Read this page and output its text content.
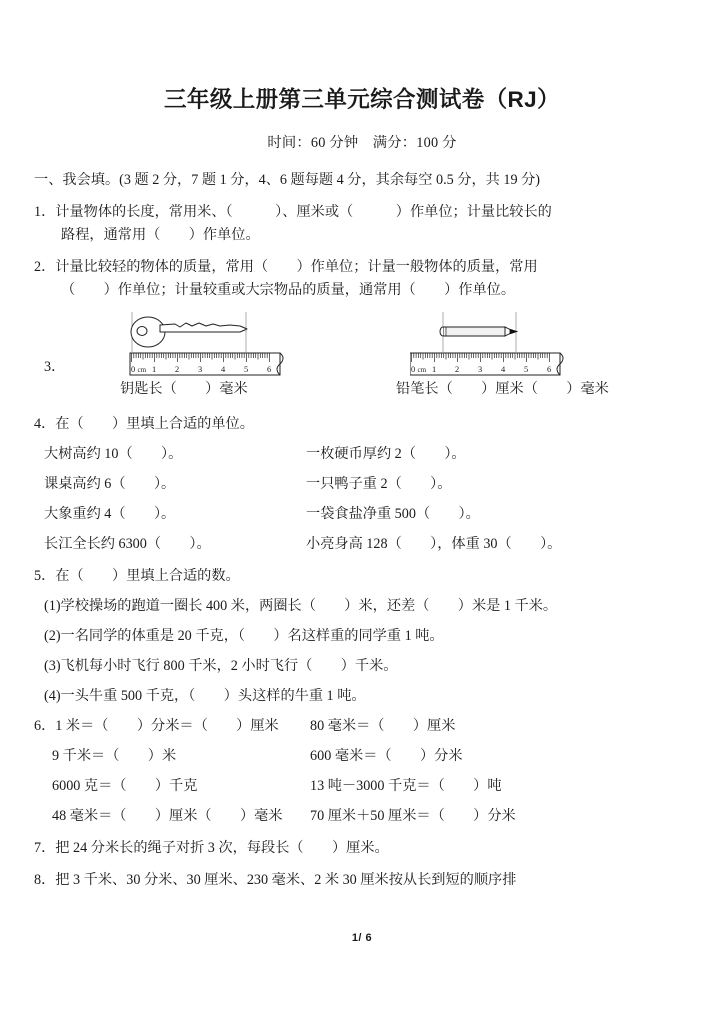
三年级上册第三单元综合测试卷（RJ）

时间：60 分钟　满分：100 分

一、我会填。(3 题 2 分，7 题 1 分，4、6 题每题 4 分，其余每空 0.5 分，共 19 分)

1．计量物体的长度，常用米、（　　　）、厘米或（　　　）作单位；计量比较长的

路程，通常用（　　）作单位。

2．计量比较轻的物体的质量，常用（　　）作单位；计量一般物体的质量，常用

（　　）作单位；计量较重或大宗物品的质量，通常用（　　）作单位。

0 cm 1 2 3 4 5 6	0 cm 1 2 3 4 5 6
3．
钥匙长（　　）毫米	铅笔长（　　）厘米（　　）毫米

4．在（　　）里填上合适的单位。

大树高约 10（　　）。	一枚硬币厚约 2（　　）。
课桌高约 6（　　）。	一只鸭子重 2（　　）。
大象重约 4（　　）。	一袋食盐净重 500（　　）。
长江全长约 6300（　　）。	小亮身高 128（　　），体重 30（　　）。

5．在（　　）里填上合适的数。

(1)学校操场的跑道一圈长 400 米，两圈长（　　）米，还差（　　）米是 1 千米。

(2)一名同学的体重是 20 千克，（　　）名这样重的同学重 1 吨。

(3)飞机每小时飞行 800 千米，2 小时飞行（　　）千米。

(4)一头牛重 500 千克，（　　）头这样的牛重 1 吨。

6．1 米＝（　　）分米＝（　　）厘米	80 毫米＝（　　）厘米
9 千米＝（　　）米	600 毫米＝（　　）分米
6000 克＝（　　）千克	13 吨－3000 千克＝（　　）吨
48 毫米＝（　　）厘米（　　）毫米	70 厘米＋50 厘米＝（　　）分米

7．把 24 分米长的绳子对折 3 次，每段长（　　）厘米。

8．把 3 千米、30 分米、30 厘米、230 毫米、2 米 30 厘米按从长到短的顺序排

1/ 6
